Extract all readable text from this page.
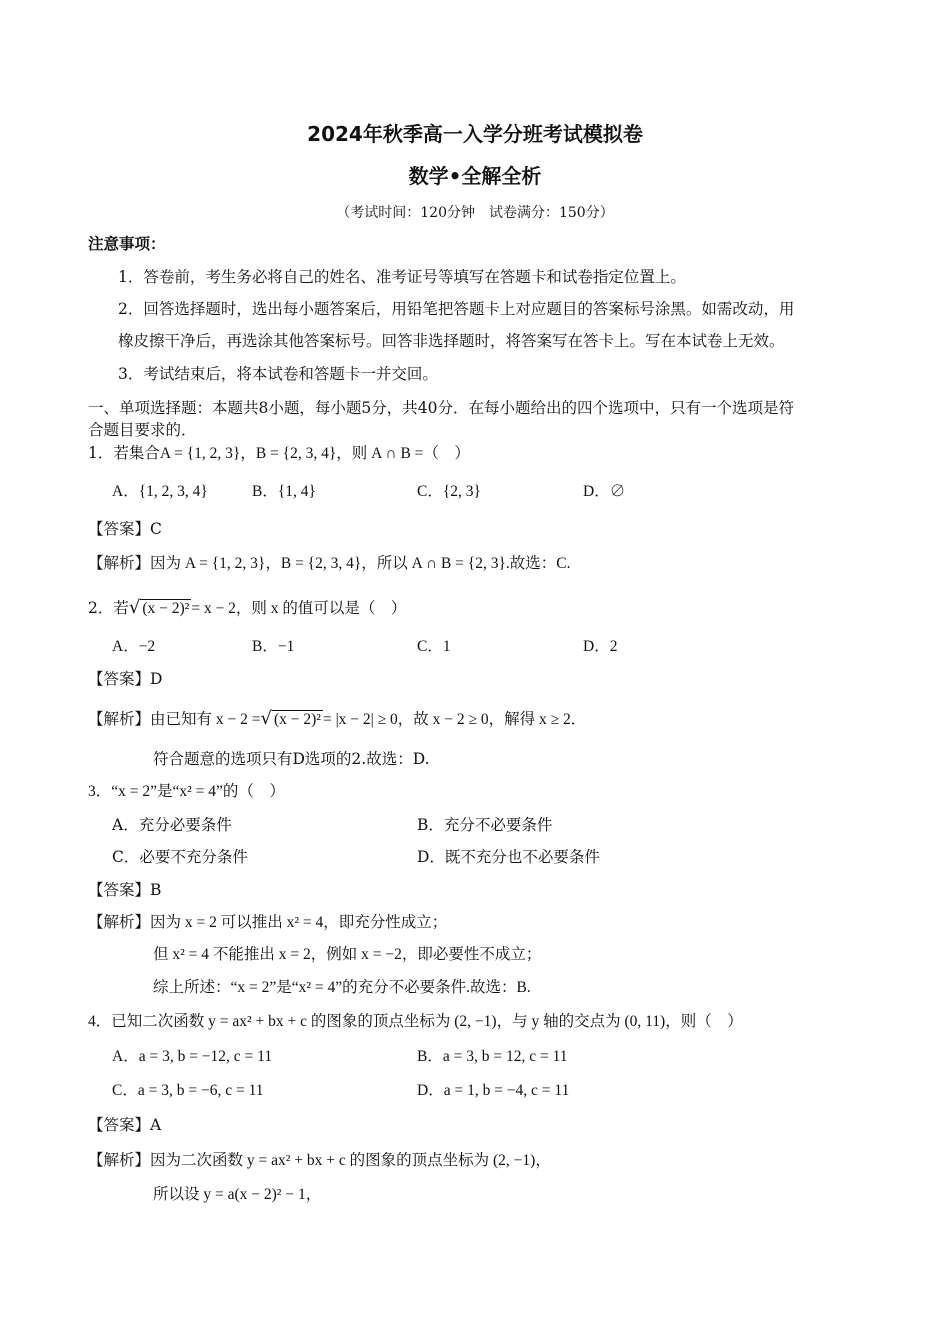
2024年秋季高一入学分班考试模拟卷
数学•全解全析
（考试时间：120分钟　试卷满分：150分）
注意事项：
1．答卷前，考生务必将自己的姓名、准考证号等填写在答题卡和试卷指定位置上。
2．回答选择题时，选出每小题答案后，用铅笔把答题卡上对应题目的答案标号涂黑。如需改动，用
橡皮擦干净后，再选涂其他答案标号。回答非选择题时，将答案写在答卡上。写在本试卷上无效。
3．考试结束后，将本试卷和答题卡一并交回。
一、单项选择题：本题共8小题，每小题5分，共40分．在每小题给出的四个选项中，只有一个选项是符
合题目要求的．
1．若集合A = {1, 2, 3}，B = {2, 3, 4}，则 A ∩ B =（　）
A．{1, 2, 3, 4}	B．{1, 4}	C．{2, 3}	D．∅
【答案】C
【解析】因为 A = {1, 2, 3}，B = {2, 3, 4}，所以 A ∩ B = {2, 3}.故选：C.
2．若√ (x − 2)² = x − 2，则 x 的值可以是（　）
A．−2	B．−1	C．1	D．2
【答案】D
【解析】由已知有 x − 2 =√ (x − 2)² = |x − 2| ≥ 0，故 x − 2 ≥ 0，解得 x ≥ 2．
符合题意的选项只有D选项的2.故选：D.
3．“x = 2”是“x² = 4”的（　）
A．充分必要条件	B．充分不必要条件
C．必要不充分条件	D．既不充分也不必要条件
【答案】B
【解析】因为 x = 2 可以推出 x² = 4，即充分性成立；
但 x² = 4 不能推出 x = 2，例如 x = −2，即必要性不成立；
综上所述：“x = 2”是“x² = 4”的充分不必要条件.故选：B.
4．已知二次函数 y = ax² + bx + c 的图象的顶点坐标为 (2, −1)，与 y 轴的交点为 (0, 11)，则（　）
A．a = 3, b = −12, c = 11	B．a = 3, b = 12, c = 11
C．a = 3, b = −6, c = 11	D．a = 1, b = −4, c = 11
【答案】A
【解析】因为二次函数 y = ax² + bx + c 的图象的顶点坐标为 (2, −1)，
所以设 y = a(x − 2)² − 1，
